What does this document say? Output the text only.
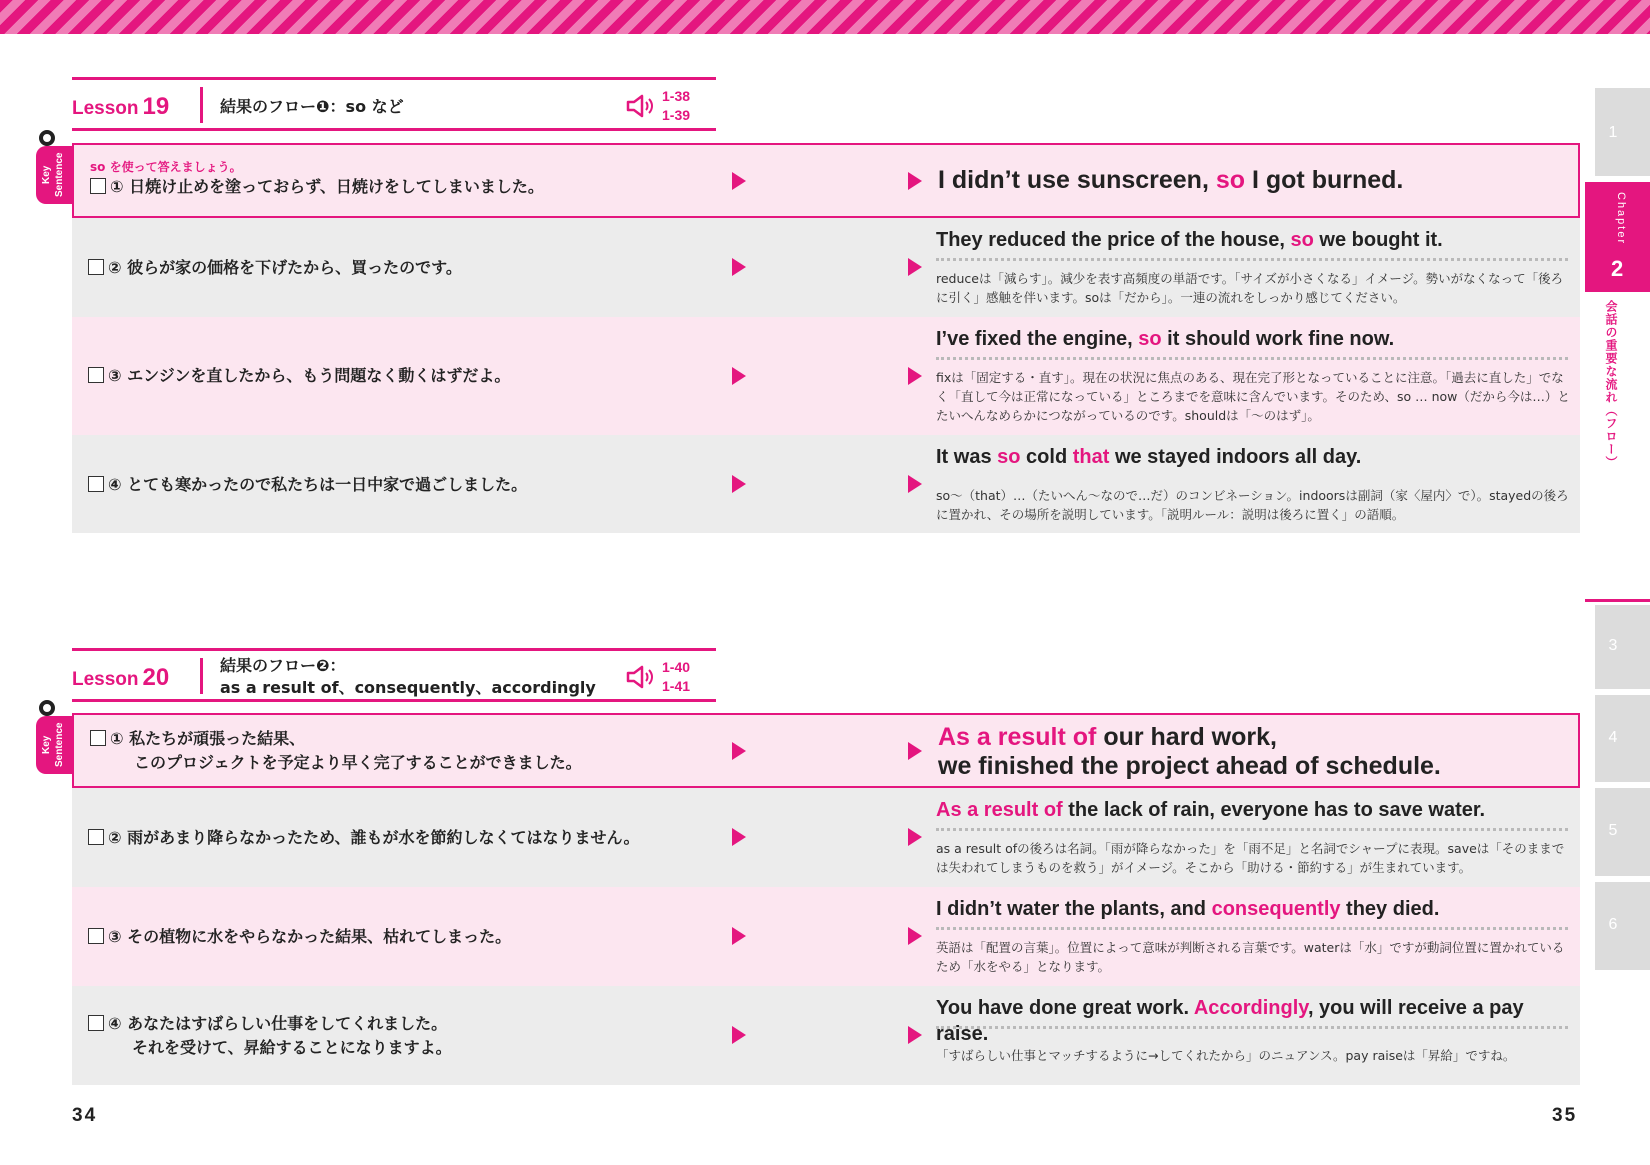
Lesson 19	結果のフロー❶：so など
1-38
1-39
Key Sentence so を使って答えましょう。
① 日焼け止めを塗っておらず、日焼けをしてしまいました。	I didn’t use sunscreen, so I got burned.
② 彼らが家の価格を下げたから、買ったのです。
They reduced the price of the house, so we bought it.
reduceは「減らす」。減少を表す高頻度の単語です。「サイズが小さくなる」イメージ。勢いがなくなって「後ろに引く」感触を伴います。soは「だから」。一連の流れをしっかり感じてください。
③ エンジンを直したから、もう問題なく動くはずだよ。
I’ve fixed the engine, so it should work fine now.
fixは「固定する・直す」。現在の状況に焦点のある、現在完了形となっていることに注意。「過去に直した」でなく「直して今は正常になっている」ところまでを意味に含んでいます。そのため、so … now（だから今は…）とたいへんなめらかにつながっているのです。shouldは「〜のはず」。
④ とても寒かったので私たちは一日中家で過ごしました。
It was so cold that we stayed indoors all day.
so〜（that）…（たいへん〜なので…だ）のコンビネーション。indoorsは副詞（家〈屋内〉で）。stayedの後ろに置かれ、その場所を説明しています。「説明ルール：説明は後ろに置く」の語順。
Lesson 20	結果のフロー❷：
as a result of、consequently、accordingly
1-40
1-41
Key Sentence	① 私たちが頑張った結果、
このプロジェクトを予定より早く完了することができました。
As a result of our hard work,
we finished the project ahead of schedule.
② 雨があまり降らなかったため、誰もが水を節約しなくてはなりません。
As a result of the lack of rain, everyone has to save water.
as a result ofの後ろは名詞。「雨が降らなかった」を「雨不足」と名詞でシャープに表現。saveは「そのままでは失われてしまうものを救う」がイメージ。そこから「助ける・節約する」が生まれています。
③ その植物に水をやらなかった結果、枯れてしまった。
I didn’t water the plants, and consequently they died.
英語は「配置の言葉」。位置によって意味が判断される言葉です。waterは「水」ですが動詞位置に置かれているため「水をやる」となります。
④ あなたはすばらしい仕事をしてくれました。
それを受けて、昇給することになりますよ。
You have done great work. Accordingly, you will receive a pay raise.
「すばらしい仕事とマッチするように→してくれたから」のニュアンス。pay raiseは「昇給」ですね。
34	35
1
Chapter
2
会話の重要な流れ（フロー）
3
4
5
6
